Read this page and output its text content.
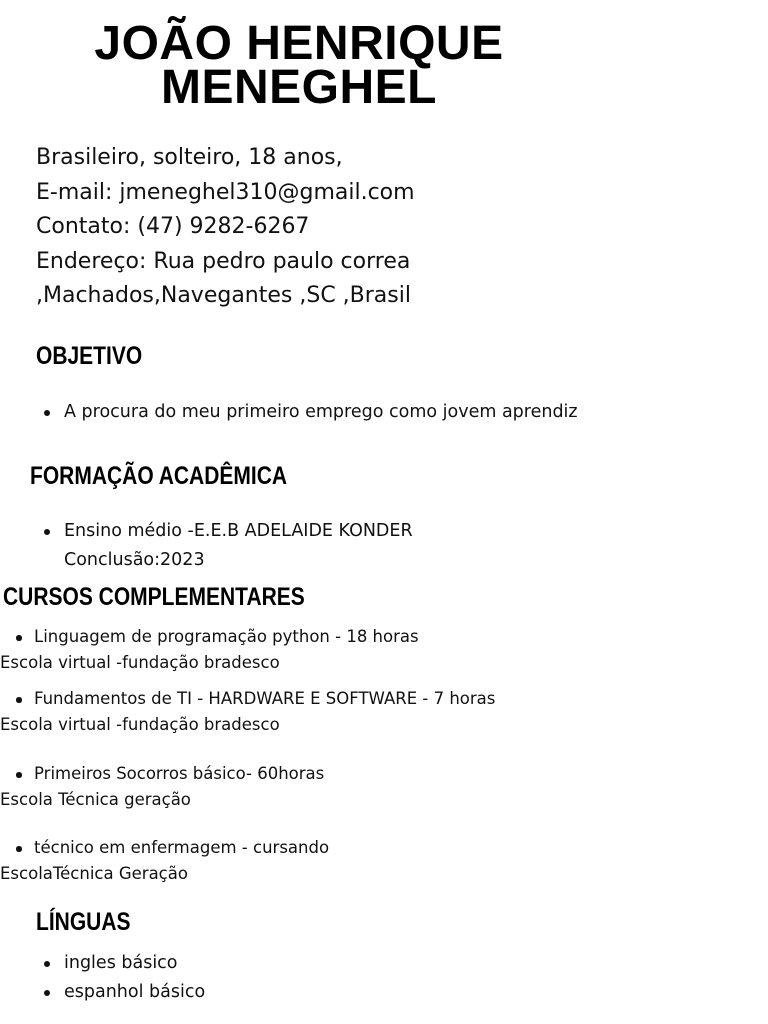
JOÃO HENRIQUE
MENEGHEL
Brasileiro, solteiro, 18 anos,
E-mail: jmeneghel310@gmail.com
Contato: (47) 9282-6267
Endereço: Rua pedro paulo correa
,Machados,Navegantes ,SC ,Brasil
OBJETIVO
A procura do meu primeiro emprego como jovem aprendiz
FORMAÇÃO ACADÊMICA
Ensino médio -E.E.B ADELAIDE KONDER
Conclusão:2023
CURSOS COMPLEMENTARES
Linguagem de programação python - 18 horas
Escola virtual -fundação bradesco
Fundamentos de TI - HARDWARE E SOFTWARE - 7 horas
Escola virtual -fundação bradesco
Primeiros Socorros básico- 60horas
Escola Técnica geração
técnico em enfermagem - cursando
EscolaTécnica Geração
LÍNGUAS
ingles básico
espanhol básico
